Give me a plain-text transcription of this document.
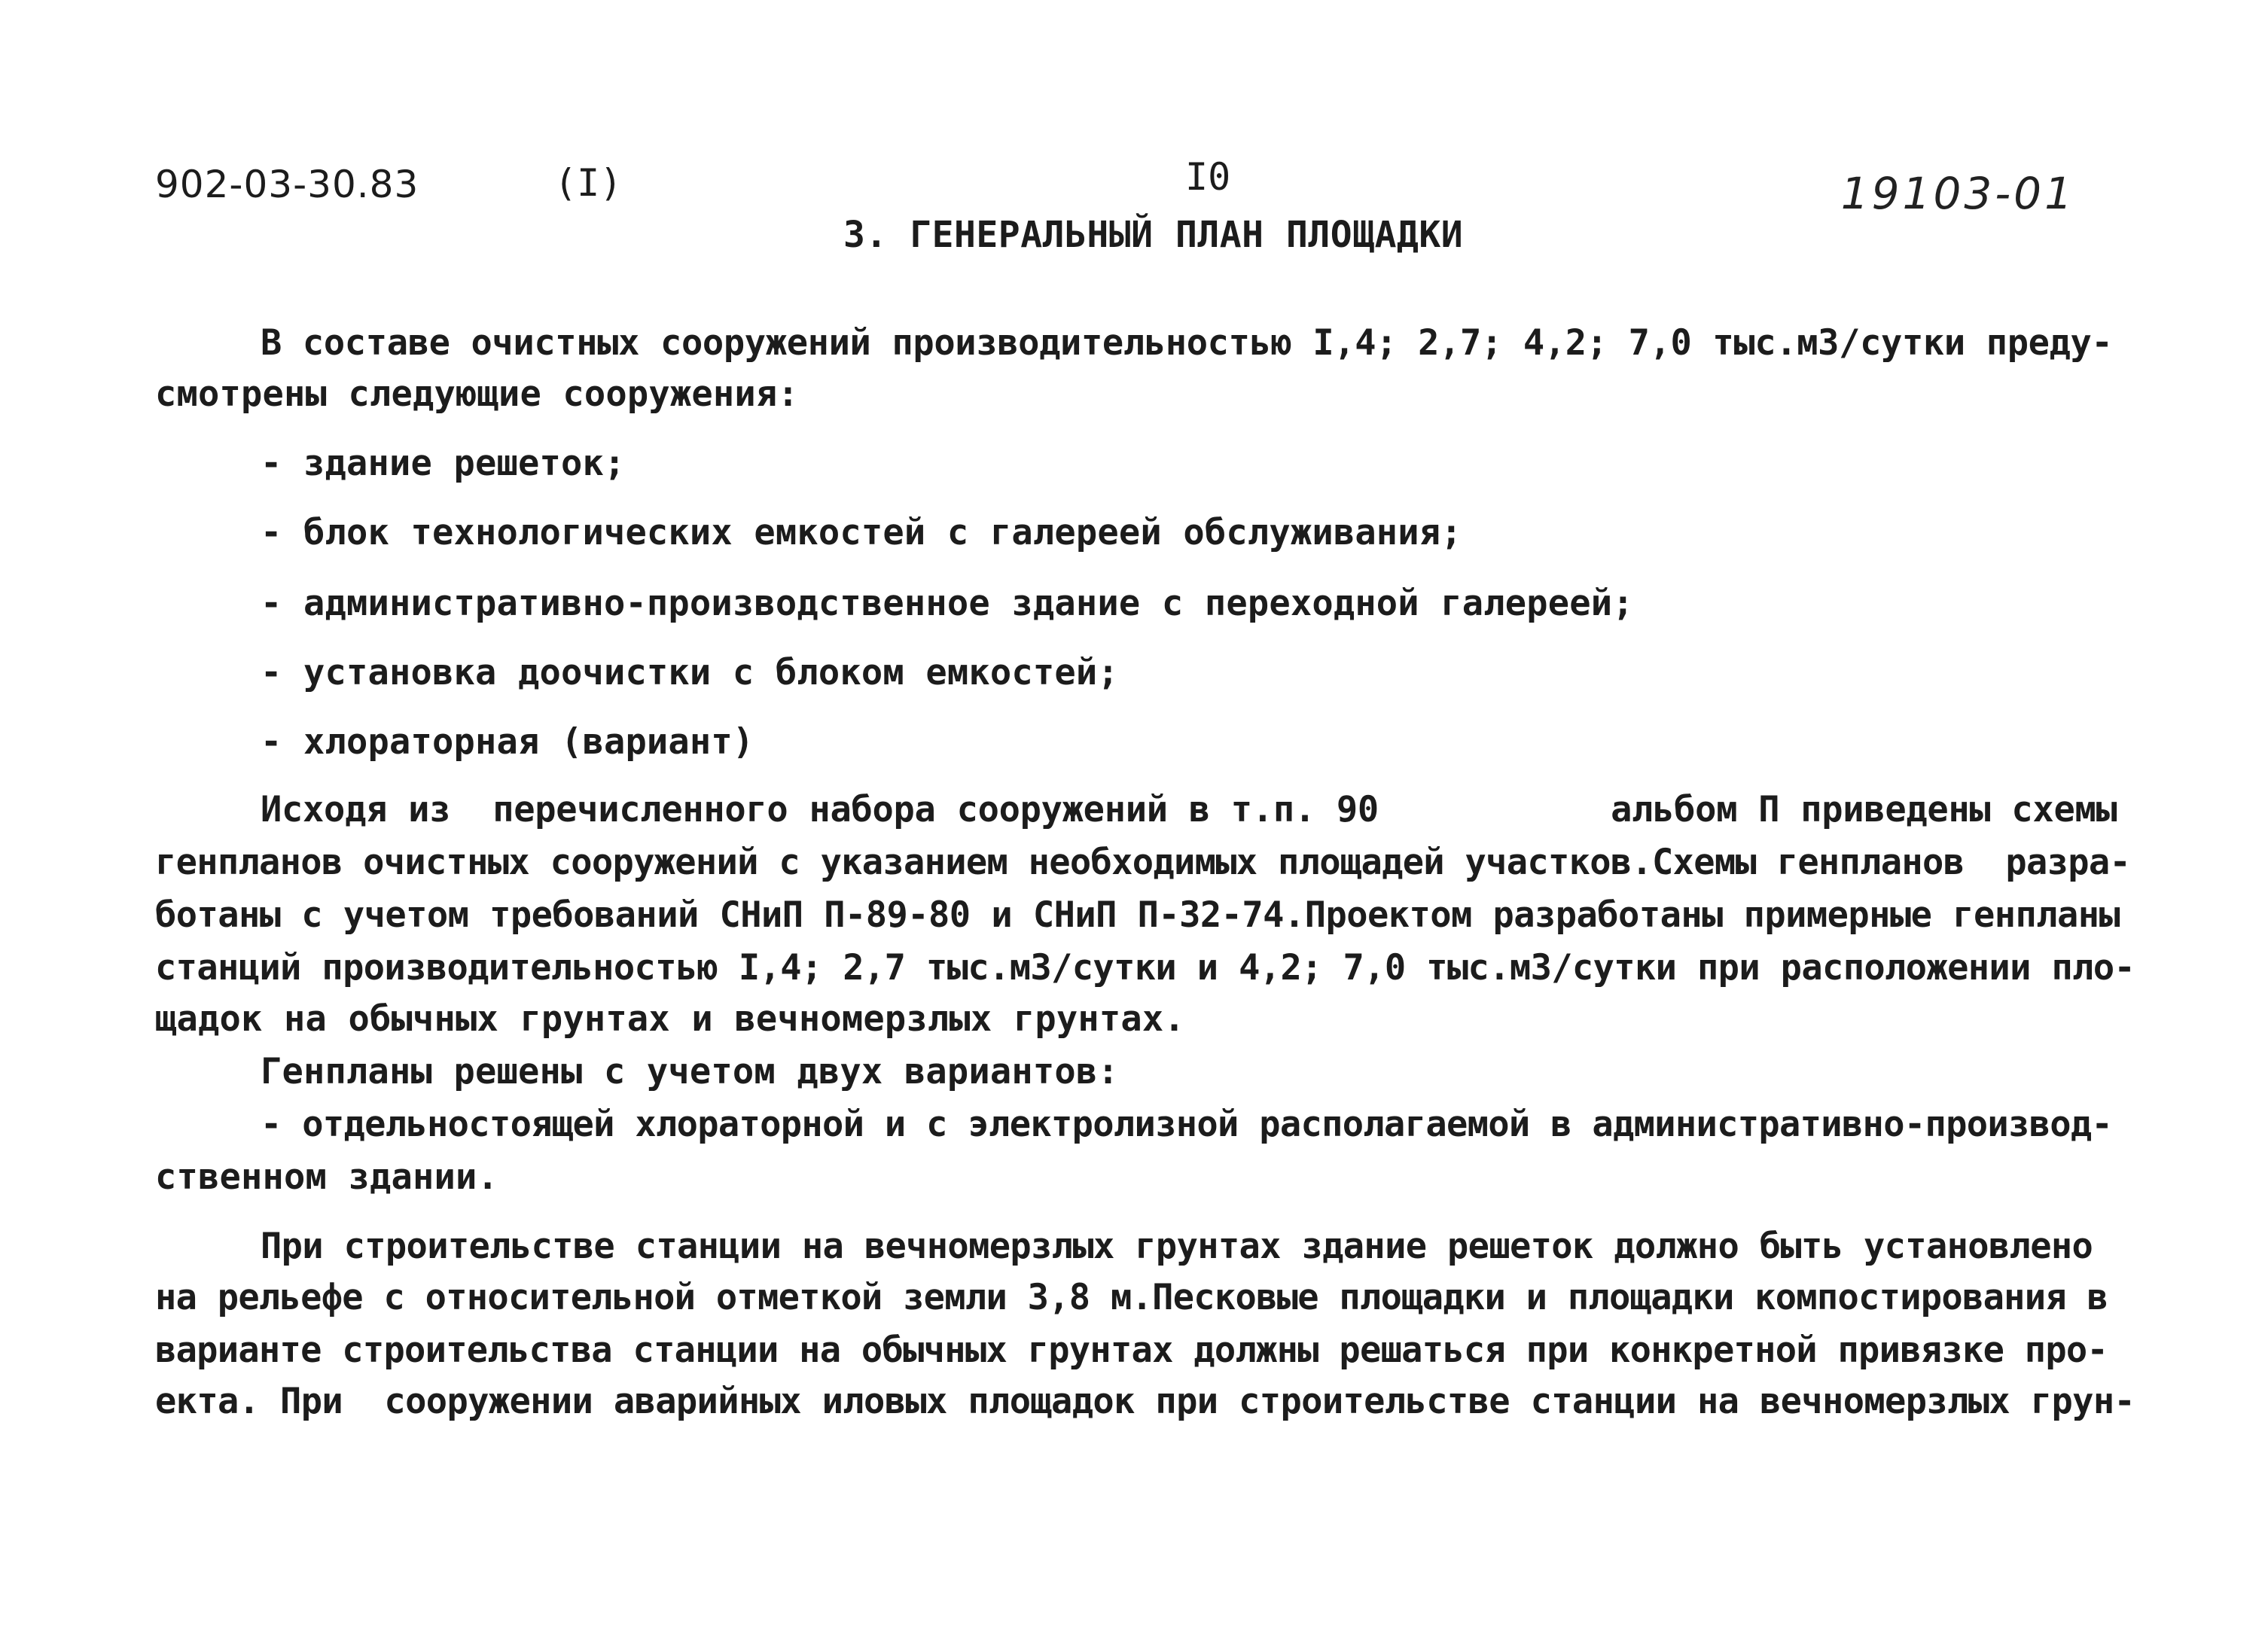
902-03-30.83	(I)	I0	19103-01
3. ГЕНЕРАЛЬНЫЙ ПЛАН ПЛОЩАДКИ
В составе очистных сооружений производительностью I,4; 2,7; 4,2; 7,0 тыс.м3/сутки преду-
смотрены следующие сооружения:
- здание решеток;
- блок технологических емкостей с галереей обслуживания;
- административно-производственное здание с переходной галереей;
- установка доочистки с блоком емкостей;
- хлораторная (вариант)
Исходя из  перечисленного набора сооружений в т.п. 90           альбом П приведены схемы
генпланов очистных сооружений с указанием необходимых площадей участков.Схемы генпланов  разра-
ботаны с учетом требований СНиП П-89-80 и СНиП П-32-74.Проектом разработаны примерные генпланы
станций производительностью I,4; 2,7 тыс.м3/сутки и 4,2; 7,0 тыс.м3/сутки при расположении пло-
щадок на обычных грунтах и вечномерзлых грунтах.
Генпланы решены с учетом двух вариантов:
- отдельностоящей хлораторной и с электролизной располагаемой в административно-производ-
ственном здании.
При строительстве станции на вечномерзлых грунтах здание решеток должно быть установлено
на рельефе с относительной отметкой земли 3,8 м.Песковые площадки и площадки компостирования в
варианте строительства станции на обычных грунтах должны решаться при конкретной привязке про-
екта. При  сооружении аварийных иловых площадок при строительстве станции на вечномерзлых грун-
